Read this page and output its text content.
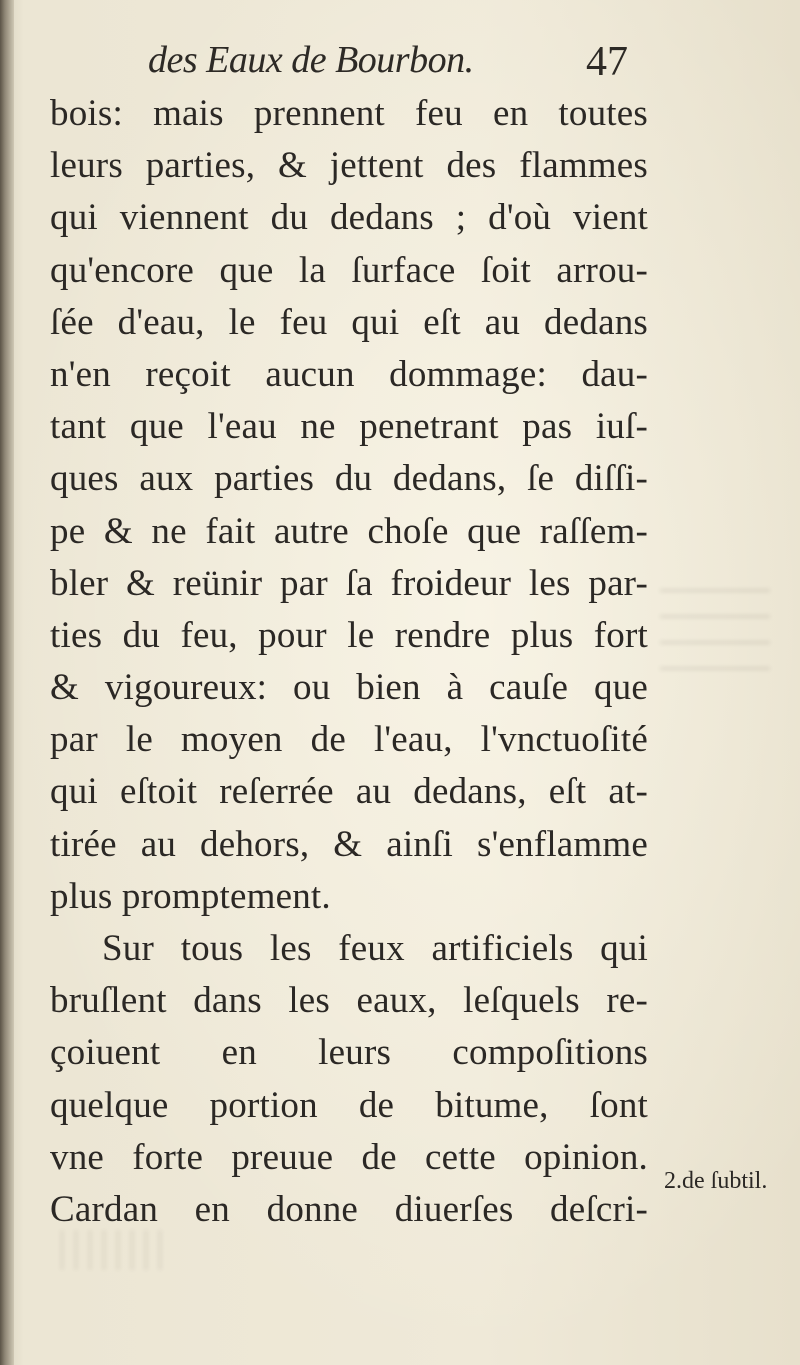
des Eaux de Bourbon.	47
bois: mais prennent feu en toutes
leurs parties, & jettent des flammes
qui viennent du dedans ; d'où vient
qu'encore que la ſurface ſoit arrou-
ſée d'eau, le feu qui eſt au dedans
n'en reçoit aucun dommage: dau-
tant que l'eau ne penetrant pas iuſ-
ques aux parties du dedans, ſe diſſi-
pe & ne fait autre choſe que raſſem-
bler & reünir par ſa froideur les par-
ties du feu, pour le rendre plus fort
& vigoureux: ou bien à cauſe que
par le moyen de l'eau, l'vnctuoſité
qui eſtoit reſerrée au dedans, eſt at-
tirée au dehors, & ainſi s'enflamme
plus promptement.
Sur tous les feux artificiels qui
bruſlent dans les eaux, leſquels re-
çoiuent en leurs compoſitions
quelque portion de bitume, ſont
vne forte preuue de cette opinion.
Cardan en donne diuerſes deſcri-
2.de ſubtil.
